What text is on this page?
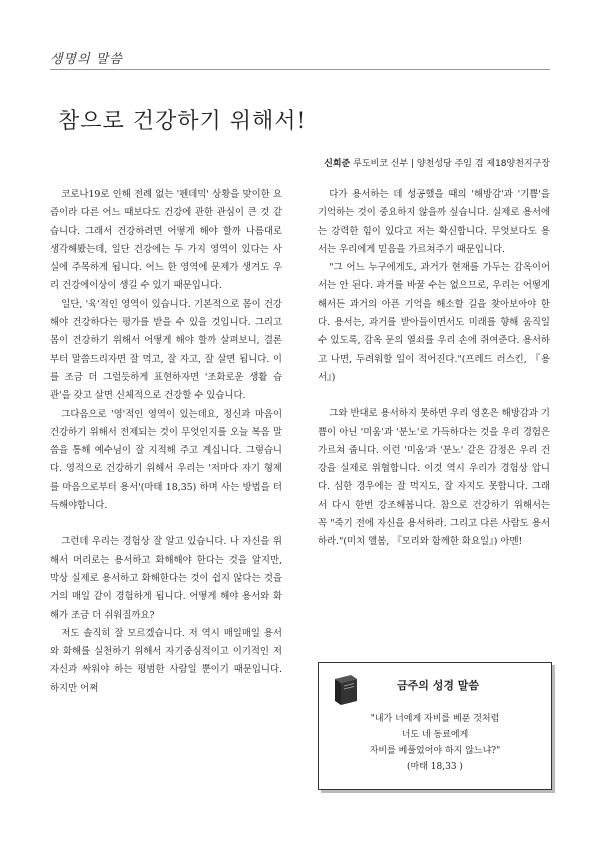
생명의 말씀
참으로 건강하기 위해서!
신희준 루도비코 신부 | 양천성당 주임 겸 제18양천지구장

코로나19로 인해 전례 없는 '펜데믹' 상황을 맞이한 요즘이라 다른 어느 때보다도 건강에 관한 관심이 큰 것 같습니다. 그래서 건강하려면 어떻게 해야 할까 나름대로 생각해봤는데, 일단 건강에는 두 가지 영역이 있다는 사실에 주목하게 됩니다. 어느 한 영역에 문제가 생겨도 우리 건강에이상이 생길 수 있기 때문입니다.

일단, '육'적인 영역이 있습니다. 기본적으로 몸이 건강해야 건강하다는 평가를 받을 수 있을 것입니다. 그리고 몸이 건강하기 위해서 어떻게 해야 할까 살펴보니, 결론부터 말씀드리자면 잘 먹고, 잘 자고, 잘 살면 됩니다. 이를 조금 더 그럴듯하게 표현하자면 '조화로운 생활 습관'을 갖고 살면 신체적으로 건강할 수 있습니다.

그다음으로 '영'적인 영역이 있는데요, 정신과 마음이 건강하기 위해서 전제되는 것이 무엇인지를 오늘 복음 말씀을 통해 예수님이 잘 지적해 주고 계십니다. 그렇습니다. 영적으로 건강하기 위해서 우리는 '저마다 자기 형제를 마음으로부터 용서'(마태 18,35) 하며 사는 방법을 터득해야합니다.

그런데 우리는 경험상 잘 알고 있습니다. 나 자신을 위해서 머리로는 용서하고 화해해야 한다는 것을 알지만, 막상 실제로 용서하고 화해한다는 것이 쉽지 않다는 것을 거의 매일 같이 경험하게 됩니다. 어떻게 해야 용서와 화해가 조금 더 쉬워질까요?

저도 솔직히 잘 모르겠습니다. 저 역시 매일매일 용서와 화해를 실천하기 위해서 자기중심적이고 이기적인 저 자신과 싸워야 하는 평범한 사람일 뿐이기 때문입니다. 하지만 어쩌

다가 용서하는 데 성공했을 때의 '해방감'과 '기쁨'을 기억하는 것이 중요하지 않을까 싶습니다. 실제로 용서에는 강력한 힘이 있다고 저는 확신합니다. 무엇보다도 용서는 우리에게 믿음을 가르쳐주기 때문입니다.

"그 어느 누구에게도, 과거가 현재를 가두는 감옥이어서는 안 된다. 과거를 바꿀 수는 없으므로, 우리는 어떻게 해서든 과거의 아픈 기억을 해소할 길을 찾아보아야 한다. 용서는, 과거를 받아들이면서도 미래를 향해 움직일 수 있도록, 감옥 문의 열쇠를 우리 손에 쥐여준다. 용서하고 나면, 두려워할 일이 적어진다."(프레드 러스킨, 『용서』)

그와 반대로 용서하지 못하면 우리 영혼은 해방감과 기쁨이 아닌 '미움'과 '분노'로 가득하다는 것을 우리 경험은 가르쳐 줍니다. 이런 '미움'과 '분노' 같은 감정은 우리 건강을 실제로 위협합니다. 이것 역시 우리가 경험상 압니다. 심한 경우에는 잘 먹지도, 잘 자지도 못합니다. 그래서 다시 한번 강조해봅니다. 참으로 건강하기 위해서는 꼭 "죽기 전에 자신을 용서하라. 그리고 다른 사람도 용서하라."(미치 앨봄, 『모리와 함께한 화요일』) 아멘!

금주의 성경 말씀
"내가 너에게 자비를 베푼 것처럼
너도 네 동료에게
자비를 베풀었어야 하지 않느냐?"
(마태 18,33 )
